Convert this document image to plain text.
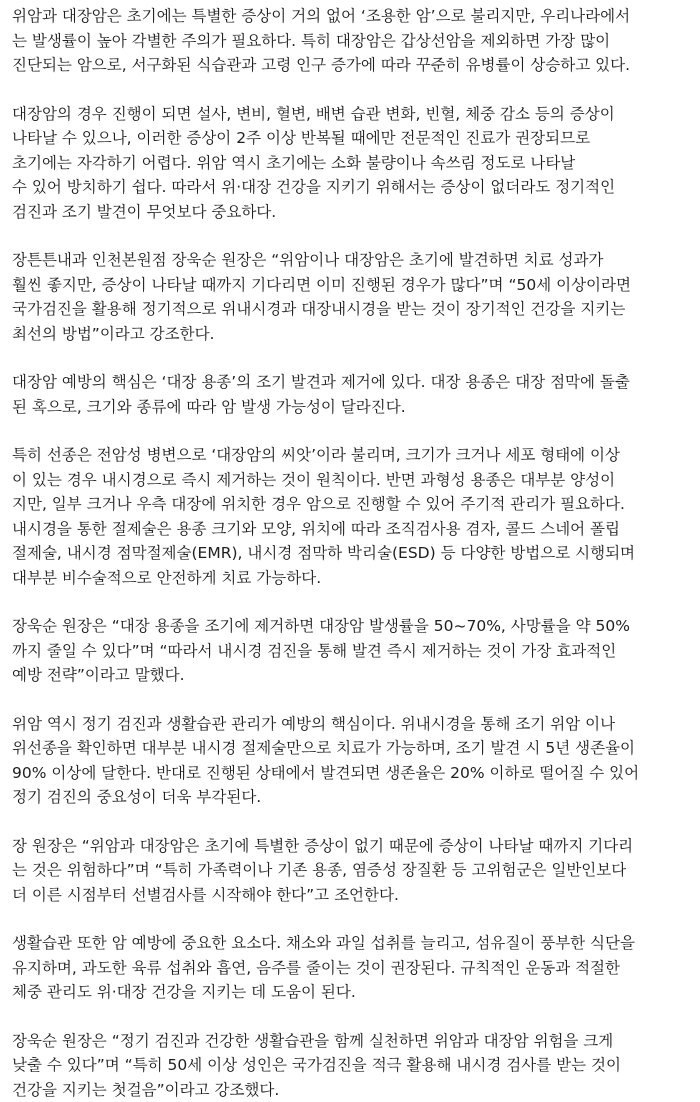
위암과 대장암은 초기에는 특별한 증상이 거의 없어 ‘조용한 암’으로 불리지만, 우리나라에서
는 발생률이 높아 각별한 주의가 필요하다. 특히 대장암은 갑상선암을 제외하면 가장 많이
진단되는 암으로, 서구화된 식습관과 고령 인구 증가에 따라 꾸준히 유병률이 상승하고 있다.

대장암의 경우 진행이 되면 설사, 변비, 혈변, 배변 습관 변화, 빈혈, 체중 감소 등의 증상이
나타날 수 있으나, 이러한 증상이 2주 이상 반복될 때에만 전문적인 진료가 권장되므로
초기에는 자각하기 어렵다. 위암 역시 초기에는 소화 불량이나 속쓰림 정도로 나타날
수 있어 방치하기 쉽다. 따라서 위·대장 건강을 지키기 위해서는 증상이 없더라도 정기적인
검진과 조기 발견이 무엇보다 중요하다.

장튼튼내과 인천본원점 장욱순 원장은 “위암이나 대장암은 초기에 발견하면 치료 성과가
훨씬 좋지만, 증상이 나타날 때까지 기다리면 이미 진행된 경우가 많다”며 “50세 이상이라면
국가검진을 활용해 정기적으로 위내시경과 대장내시경을 받는 것이 장기적인 건강을 지키는
최선의 방법”이라고 강조한다.

대장암 예방의 핵심은 ‘대장 용종’의 조기 발견과 제거에 있다. 대장 용종은 대장 점막에 돌출
된 혹으로, 크기와 종류에 따라 암 발생 가능성이 달라진다.

특히 선종은 전암성 병변으로 ‘대장암의 씨앗’이라 불리며, 크기가 크거나 세포 형태에 이상
이 있는 경우 내시경으로 즉시 제거하는 것이 원칙이다. 반면 과형성 용종은 대부분 양성이
지만, 일부 크거나 우측 대장에 위치한 경우 암으로 진행할 수 있어 주기적 관리가 필요하다.
내시경을 통한 절제술은 용종 크기와 모양, 위치에 따라 조직검사용 겸자, 콜드 스네어 폴립
절제술, 내시경 점막절제술(EMR), 내시경 점막하 박리술(ESD) 등 다양한 방법으로 시행되며
대부분 비수술적으로 안전하게 치료 가능하다.

장욱순 원장은 “대장 용종을 조기에 제거하면 대장암 발생률을 50~70%, 사망률을 약 50%
까지 줄일 수 있다”며 “따라서 내시경 검진을 통해 발견 즉시 제거하는 것이 가장 효과적인
예방 전략”이라고 말했다.

위암 역시 정기 검진과 생활습관 관리가 예방의 핵심이다. 위내시경을 통해 조기 위암 이나
위선종을 확인하면 대부분 내시경 절제술만으로 치료가 가능하며, 조기 발견 시 5년 생존율이
90% 이상에 달한다. 반대로 진행된 상태에서 발견되면 생존율은 20% 이하로 떨어질 수 있어
정기 검진의 중요성이 더욱 부각된다.

장 원장은 “위암과 대장암은 초기에 특별한 증상이 없기 때문에 증상이 나타날 때까지 기다리
는 것은 위험하다”며 “특히 가족력이나 기존 용종, 염증성 장질환 등 고위험군은 일반인보다
더 이른 시점부터 선별검사를 시작해야 한다”고 조언한다.

생활습관 또한 암 예방에 중요한 요소다. 채소와 과일 섭취를 늘리고, 섬유질이 풍부한 식단을
유지하며, 과도한 육류 섭취와 흡연, 음주를 줄이는 것이 권장된다. 규칙적인 운동과 적절한
체중 관리도 위·대장 건강을 지키는 데 도움이 된다.

장욱순 원장은 “정기 검진과 건강한 생활습관을 함께 실천하면 위암과 대장암 위험을 크게
낮출 수 있다”며 “특히 50세 이상 성인은 국가검진을 적극 활용해 내시경 검사를 받는 것이
건강을 지키는 첫걸음”이라고 강조했다.
